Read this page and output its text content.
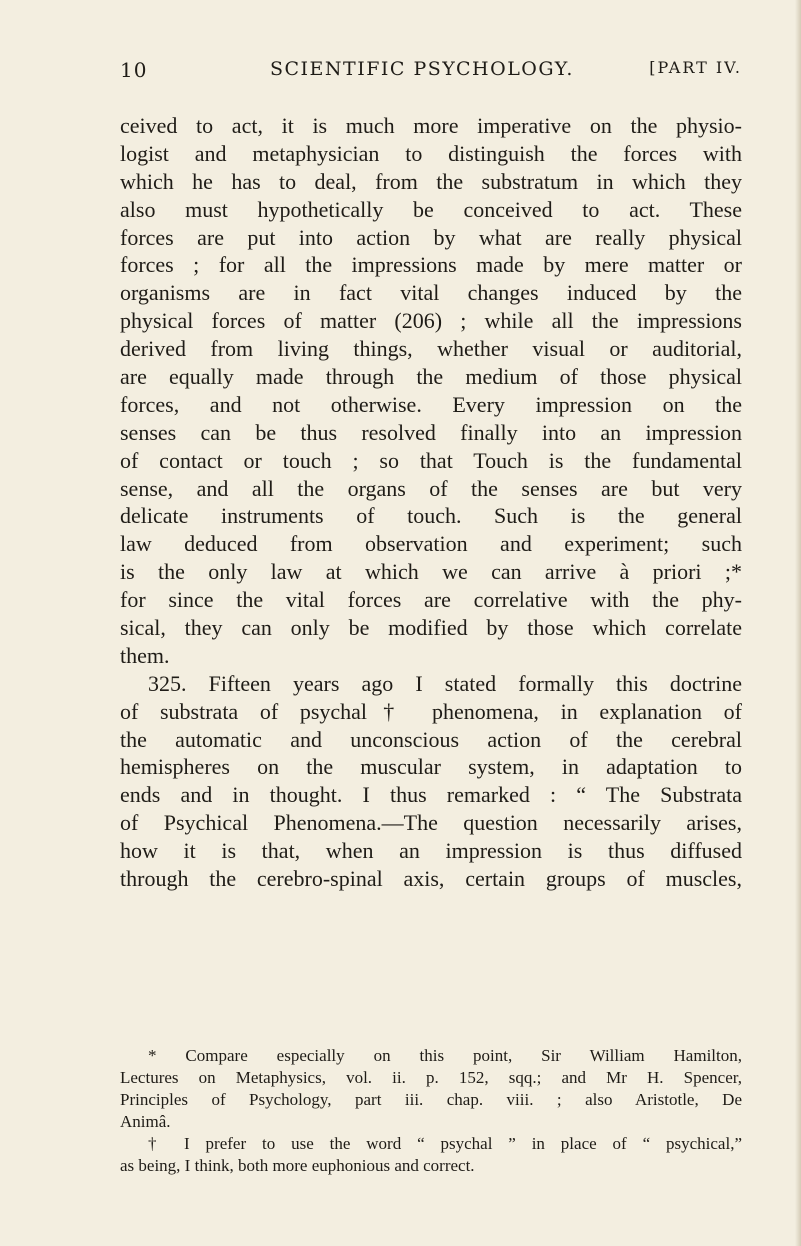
10	SCIENTIFIC PSYCHOLOGY.	[PART IV.
ceived to act, it is much more imperative on the physio-
logist and metaphysician to distinguish the forces with
which he has to deal, from the substratum in which they
also must hypothetically be conceived to act. These
forces are put into action by what are really physical
forces ; for all the impressions made by mere matter or
organisms are in fact vital changes induced by the
physical forces of matter (206) ; while all the impressions
derived from living things, whether visual or auditorial,
are equally made through the medium of those physical
forces, and not otherwise. Every impression on the
senses can be thus resolved finally into an impression
of contact or touch ; so that Touch is the fundamental
sense, and all the organs of the senses are but very
delicate instruments of touch. Such is the general
law deduced from observation and experiment; such
is the only law at which we can arrive à priori ;*
for since the vital forces are correlative with the phy-
sical, they can only be modified by those which correlate
them.
325. Fifteen years ago I stated formally this doctrine
of substrata of psychal† phenomena, in explanation of
the automatic and unconscious action of the cerebral
hemispheres on the muscular system, in adaptation to
ends and in thought. I thus remarked : “ The Substrata
of Psychical Phenomena.—The question necessarily arises,
how it is that, when an impression is thus diffused
through the cerebro-spinal axis, certain groups of muscles,
* Compare especially on this point, Sir William Hamilton,
Lectures on Metaphysics, vol. ii. p. 152, sqq.; and Mr H. Spencer,
Principles of Psychology, part iii. chap. viii. ; also Aristotle, De
Animâ.
† I prefer to use the word “ psychal ” in place of “ psychical,”
as being, I think, both more euphonious and correct.
